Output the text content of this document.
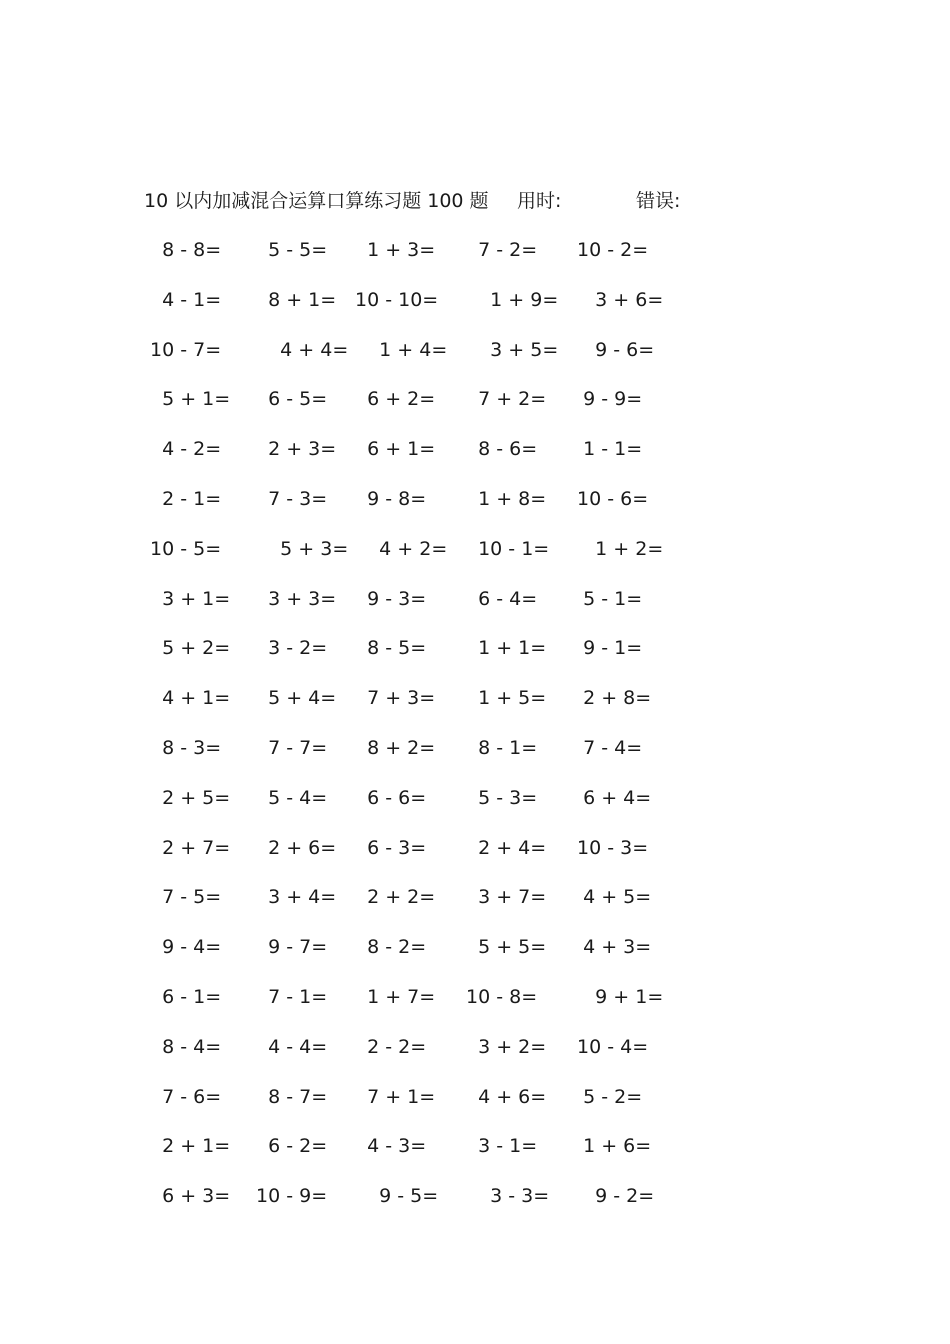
10 以内加减混合运算口算练习题 100 题 用时:	错误:
8 - 8=	5 - 5=	1 + 3=	7 - 2=	10 - 2=
4 - 1=	8 + 1= 10 - 10=	1 + 9= 3 + 6=
10 - 7=	4 + 4= 1 + 4= 3 + 5= 9 - 6=
5 + 1=	6 - 5=	6 + 2=	7 + 2=	9 - 9=
4 - 2=	2 + 3= 6 + 1=	8 - 6=	1 - 1=
2 - 1=	7 - 3=	9 - 8=	1 + 8=	10 - 6=
10 - 5=	5 + 3= 4 + 2= 10 - 1=	1 + 2=
3 + 1=	3 + 3= 9 - 3=	6 - 4=	5 - 1=
5 + 2=	3 - 2=	8 - 5=	1 + 1=	9 - 1=
4 + 1=	5 + 4= 7 + 3=	1 + 5=	2 + 8=
8 - 3=	7 - 7=	8 + 2=	8 - 1=	7 - 4=
2 + 5=	5 - 4=	6 - 6=	5 - 3=	6 + 4=
2 + 7=	2 + 6= 6 - 3=	2 + 4=	10 - 3=
7 - 5=	3 + 4= 2 + 2=	3 + 7=	4 + 5=
9 - 4=	9 - 7=	8 - 2=	5 + 5=	4 + 3=
6 - 1=	7 - 1=	1 + 7=	10 - 8=	9 + 1=
8 - 4=	4 - 4=	2 - 2=	3 + 2=	10 - 4=
7 - 6=	8 - 7=	7 + 1=	4 + 6=	5 - 2=
2 + 1=	6 - 2=	4 - 3=	3 - 1=	1 + 6=
6 + 3=	10 - 9=	9 - 5=	3 - 3=	9 - 2=
